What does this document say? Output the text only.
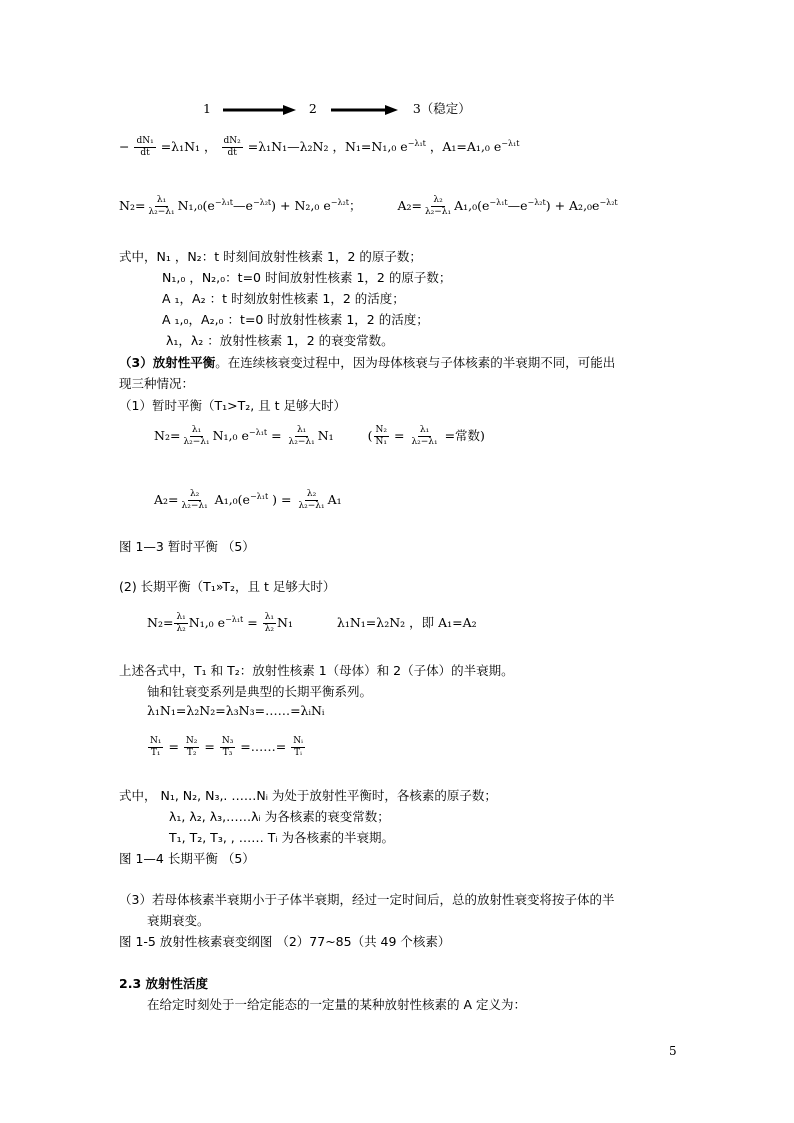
1	2	3（稳定）
− $\frac{\text{dN₁}}{dt} =\lambda_1N_1$ ， $\frac{\text{dN₂}}{dt}$ =λ₁N₁—λ₂N₂ ，N₁=N₁,₀ $e^{-\lambda_1t}$ ，A₁=A₁,₀ $e^{-\lambda_1t}$
$N_2= \frac{\text{λ₁}}{\text{λ₂−λ₁}}$ $N_1,_0(e^{-\lambda_1t}—e^{-\lambda_2t}) + N_2,_0$ $e^{-\lambda_2t}$；	$A_2= \frac{\text{λ₂}}{\text{λ₂−λ₁}}$ $A_1,_0(e^{-\lambda_1t}—e^{-\lambda_2t}) + A_2,_0e^{-\lambda_2t}$
式中，N₁ ，N₂：t 时刻间放射性核素 1，2 的原子数；
N₁,₀ ，N₂,₀：t=0 时间放射性核素 1，2 的原子数；
A ₁，A₂ ：t 时刻放射性核素 1，2 的活度；
A ₁,₀，A₂,₀ ：t=0 时放射性核素 1，2 的活度；
λ₁，λ₂ ：放射性核素 1，2 的衰变常数。
（3）放射性平衡。在连续核衰变过程中，因为母体核衰与子体核素的半衰期不同，可能出
现三种情况：
（1）暂时平衡（T₁>T₂, 且 t 足够大时）
$N_2= \frac{\text{λ₁}}{\text{λ₂−λ₁}} N_1,_0$ $e^{-\lambda_1t} = \frac{\text{λ₁}}{\text{λ₂−λ₁}} N_1$	( $\frac{\text{N₂}}{\text{N₁}} = \frac{\text{λ₁}}{\text{λ₂−λ₁}}$ =常数)
$A_2= \frac{\text{λ₂}}{\text{λ₂−λ₁}} A_1,_0(e^{-\lambda_1t}$ ) = $\frac{\text{λ₂}}{\text{λ₂−λ₁}} A_1$
图 1—3 暂时平衡 （5）
(2) 长期平衡（T₁»T₂，且 t 足够大时）
$N_2= \frac{\text{λ₁}}{\text{λ₂}} N_1,_0$ $e^{-\lambda_1t} = \frac{\text{λ₁}}{\text{λ₂}} N_1$	λ₁N₁=λ₂N₂ ，即 A₁=A₂
上述各式中，T₁ 和 T₂：放射性核素 1（母体）和 2（子体）的半衰期。
铀和钍衰变系列是典型的长期平衡系列。
λ₁N₁=λ₂N₂=λ₃N₃=……=λᵢNᵢ
$\frac{\text{N₁}}{\text{T₁}} = \frac{\text{N₂}}{\text{T₂}} = \frac{\text{N₃}}{\text{T₃}}$ =……= $\frac{\text{Nᵢ}}{\text{Tᵢ}}$
式中， N₁, N₂, N₃,. ……Nᵢ 为处于放射性平衡时，各核素的原子数；
λ₁, λ₂, λ₃,……λᵢ 为各核素的衰变常数；
T₁, T₂, T₃, , …… Tᵢ 为各核素的半衰期。
图 1—4 长期平衡 （5）
（3）若母体核素半衰期小于子体半衰期，经过一定时间后，总的放射性衰变将按子体的半
衰期衰变。
图 1-5 放射性核素衰变纲图 （2）77~85（共 49 个核素）
2.3 放射性活度
在给定时刻处于一给定能态的一定量的某种放射性核素的 A 定义为：
5
